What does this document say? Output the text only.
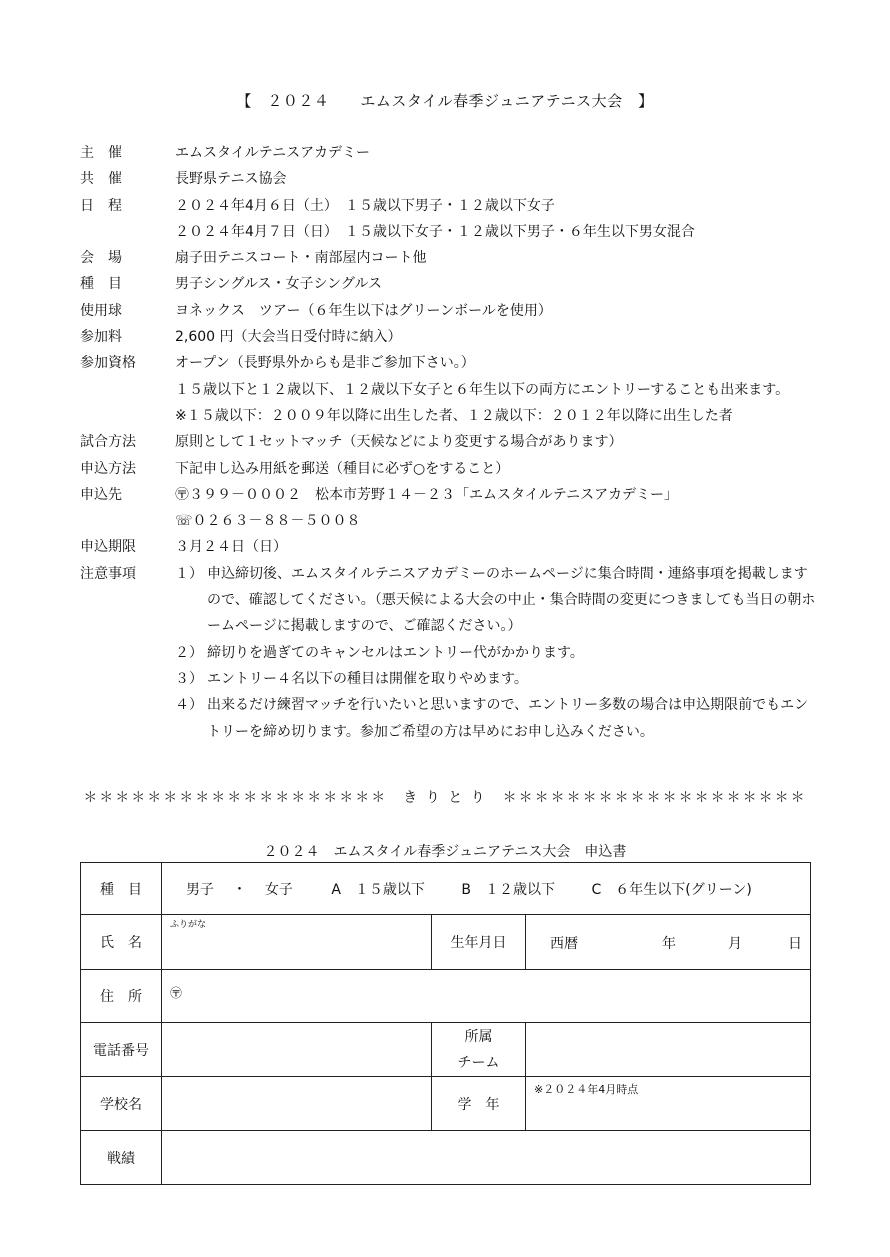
【　２０２４　　エムスタイル春季ジュニアテニス大会　】
主　催	エムスタイルテニスアカデミー
共　催	長野県テニス協会
日　程	２０２４年4月６日（土）　１５歳以下男子・１２歳以下女子
２０２４年4月７日（日）　１５歳以下女子・１２歳以下男子・６年生以下男女混合
会　場	扇子田テニスコート・南部屋内コート他
種　目	男子シングルス・女子シングルス
使用球	ヨネックス　ツアー（６年生以下はグリーンボールを使用）
参加料	2,600 円（大会当日受付時に納入）
参加資格	オープン（長野県外からも是非ご参加下さい。）
１５歳以下と１２歳以下、１２歳以下女子と６年生以下の両方にエントリーすることも出来ます。
※１５歳以下：２００９年以降に出生した者、１２歳以下：２０１２年以降に出生した者
試合方法	原則として１セットマッチ（天候などにより変更する場合があります）
申込方法	下記申し込み用紙を郵送（種目に必ず○をすること）
申込先	〶３９９－０００２　松本市芳野１４－２３「エムスタイルテニスアカデミー」
☏０２６３－８８－５００８
申込期限	３月２４日（日）
注意事項	１） 申込締切後、エムスタイルテニスアカデミーのホームページに集合時間・連絡事項を掲載しますので、確認してください。（悪天候による大会の中止・集合時間の変更につきましても当日の朝ホームページに掲載しますので、ご確認ください。）
２） 締切りを過ぎてのキャンセルはエントリー代がかかります。
３） エントリー４名以下の種目は開催を取りやめます。
４） 出来るだけ練習マッチを行いたいと思いますので、エントリー多数の場合は申込期限前でもエントリーを締め切ります。参加ご希望の方は早めにお申し込みください。
＊＊＊＊＊＊＊＊＊＊＊＊＊＊＊＊＊＊＊　き り と り　＊＊＊＊＊＊＊＊＊＊＊＊＊＊＊＊＊＊＊
２０２４　エムスタイル春季ジュニアテニス大会　申込書
種　目	男子 ・ 女子 A　１５歳以下 B　１２歳以下 C　６年生以下(グリーン)		
氏　名	ふりがな	生年月日	西暦 年 月 日

住　所	〶		
電話番号		所属
チーム	

学校名		学　年	※２０２４年4月時点
戦績			
